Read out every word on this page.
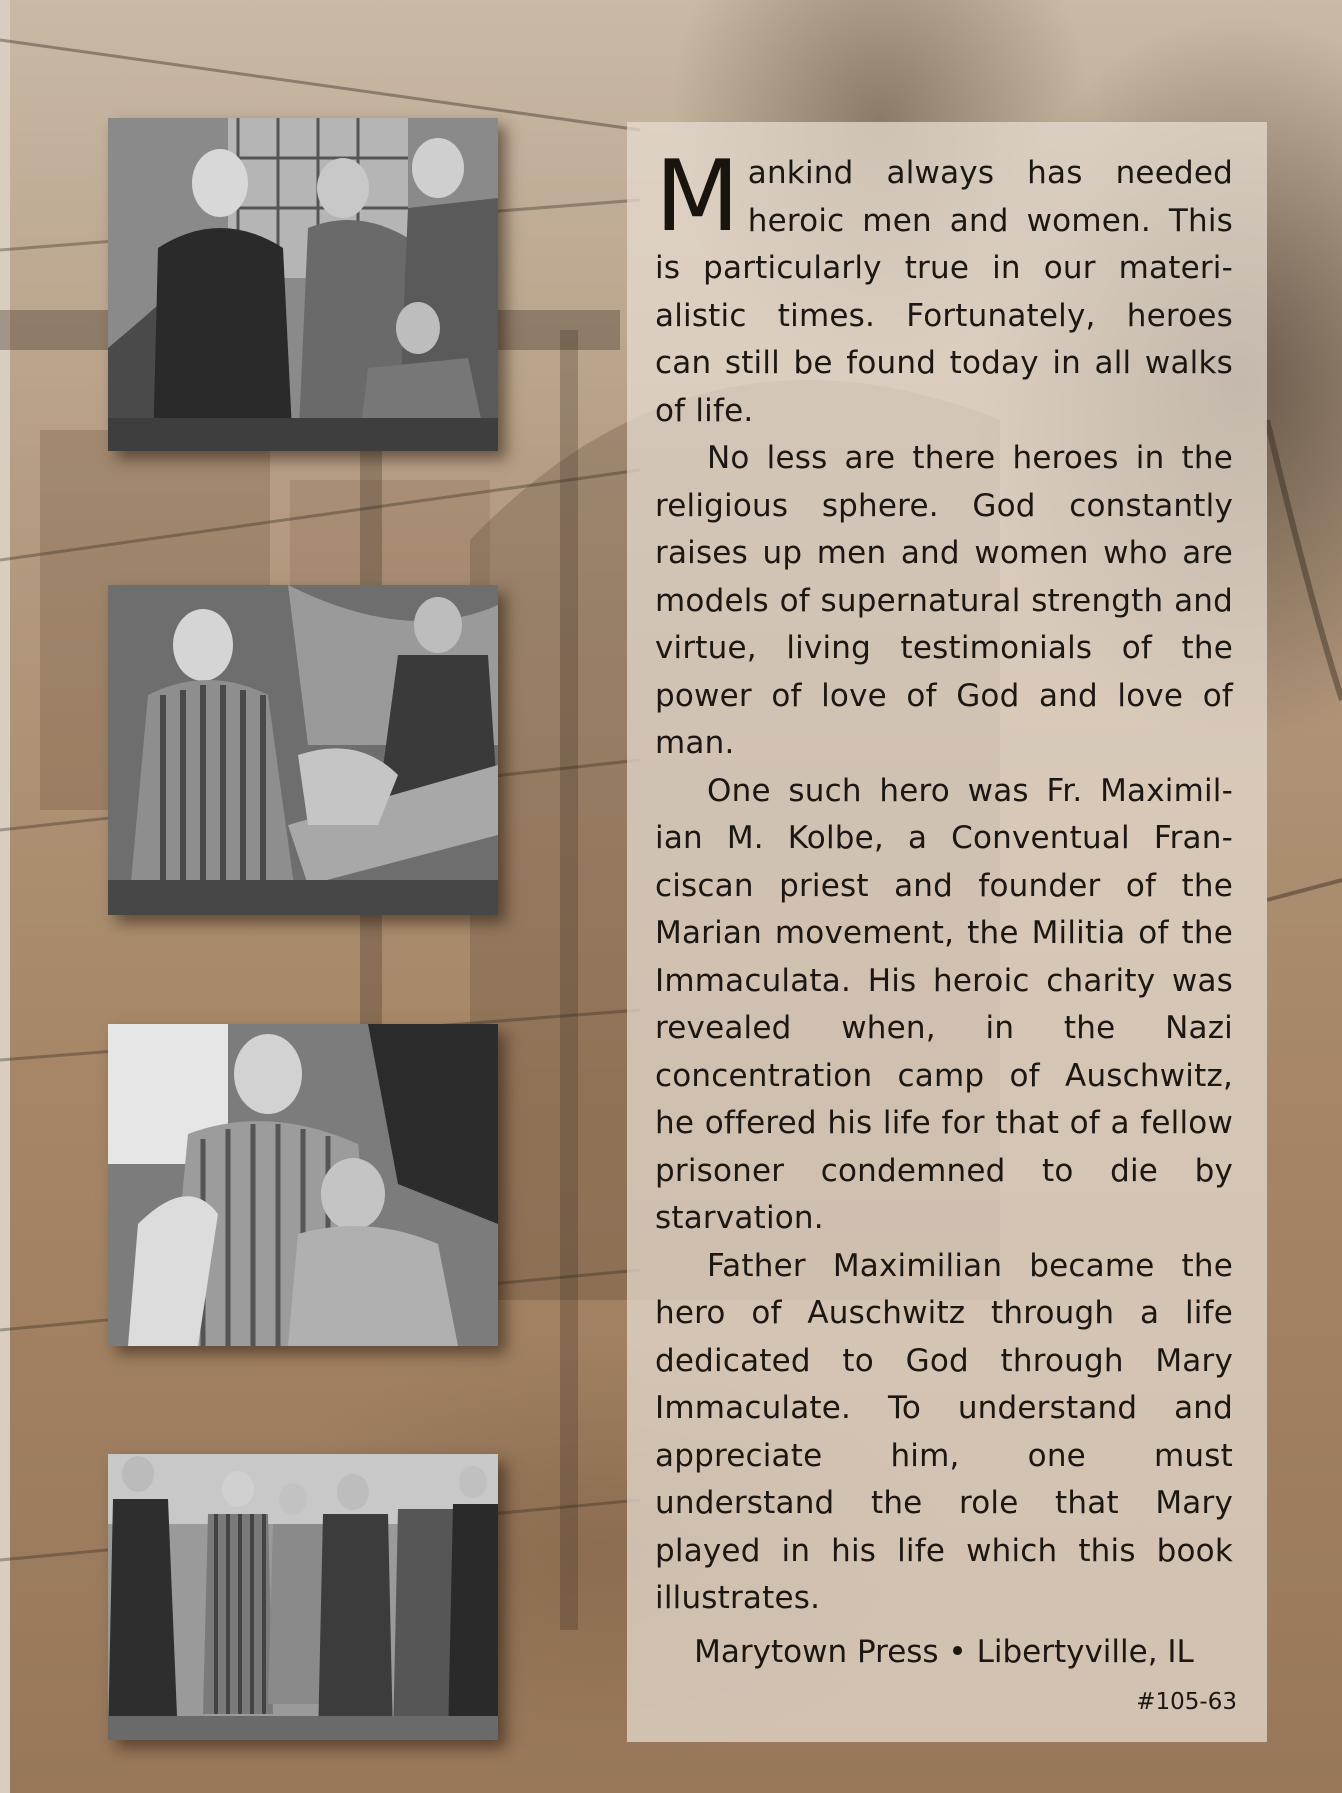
Mankind always has needed heroic men and women. This is particularly true in our materi-alistic times. Fortunately, heroes can still be found today in all walks of life.

No less are there heroes in the religious sphere. God constantly raises up men and women who are models of supernatural strength and virtue, living testimonials of the power of love of God and love of man.

One such hero was Fr. Maximil-ian M. Kolbe, a Conventual Fran-ciscan priest and founder of the Marian movement, the Militia of the Immaculata. His heroic charity was revealed when, in the Nazi concentration camp of Auschwitz, he offered his life for that of a fellow prisoner condemned to die by starvation.

Father Maximilian became the hero of Auschwitz through a life dedicated to God through Mary Immaculate. To understand and appreciate him, one must understand the role that Mary played in his life which this book illustrates.

Marytown Press • Libertyville, IL
#105-63
